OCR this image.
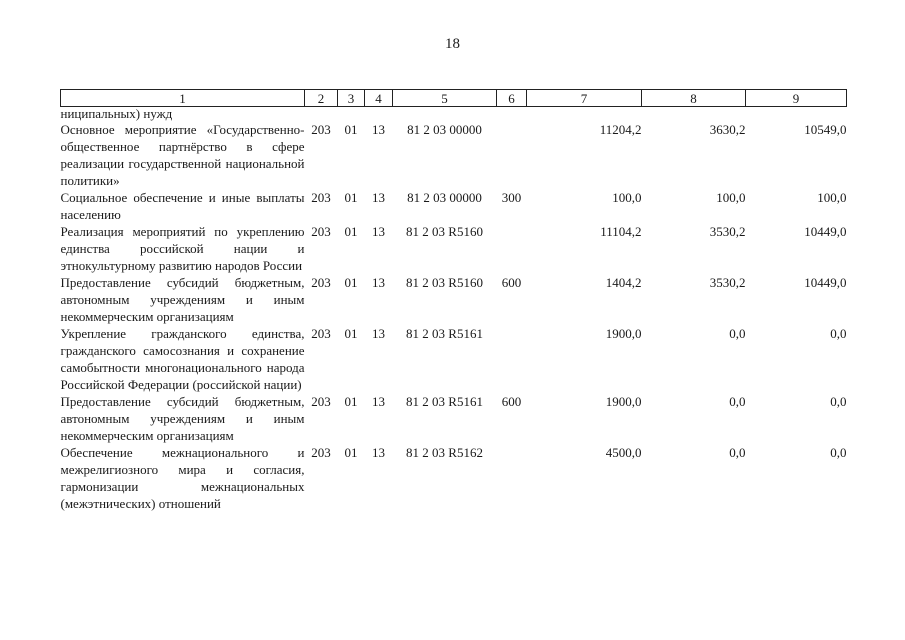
18
1	2	3	4	5	6	7	8	9
ниципальных) нужд								
Основное мероприятие «Государственно-общественное партнёрство в сфере реализации государственной национальной политики»	203	01	13	81 2 03 00000		11204,2	3630,2	10549,0
Социальное обеспечение и иные выплаты населению	203	01	13	81 2 03 00000	300	100,0	100,0	100,0
Реализация мероприятий по укреплению единства российской нации и этнокультурному развитию народов России	203	01	13	81 2 03 R5160		11104,2	3530,2	10449,0
Предоставление субсидий бюджетным, автономным учреждениям и иным некоммерческим организациям	203	01	13	81 2 03 R5160	600	1404,2	3530,2	10449,0
Укрепление гражданского единства, гражданского самосознания и сохранение самобытности многонационального народа Российской Федерации (российской нации)	203	01	13	81 2 03 R5161		1900,0	0,0	0,0
Предоставление субсидий бюджетным, автономным учреждениям и иным некоммерческим организациям	203	01	13	81 2 03 R5161	600	1900,0	0,0	0,0
Обеспечение межнационального и межрелигиозного мира и согласия, гармонизации межнациональных (межэтнических) отношений	203	01	13	81 2 03 R5162		4500,0	0,0	0,0
